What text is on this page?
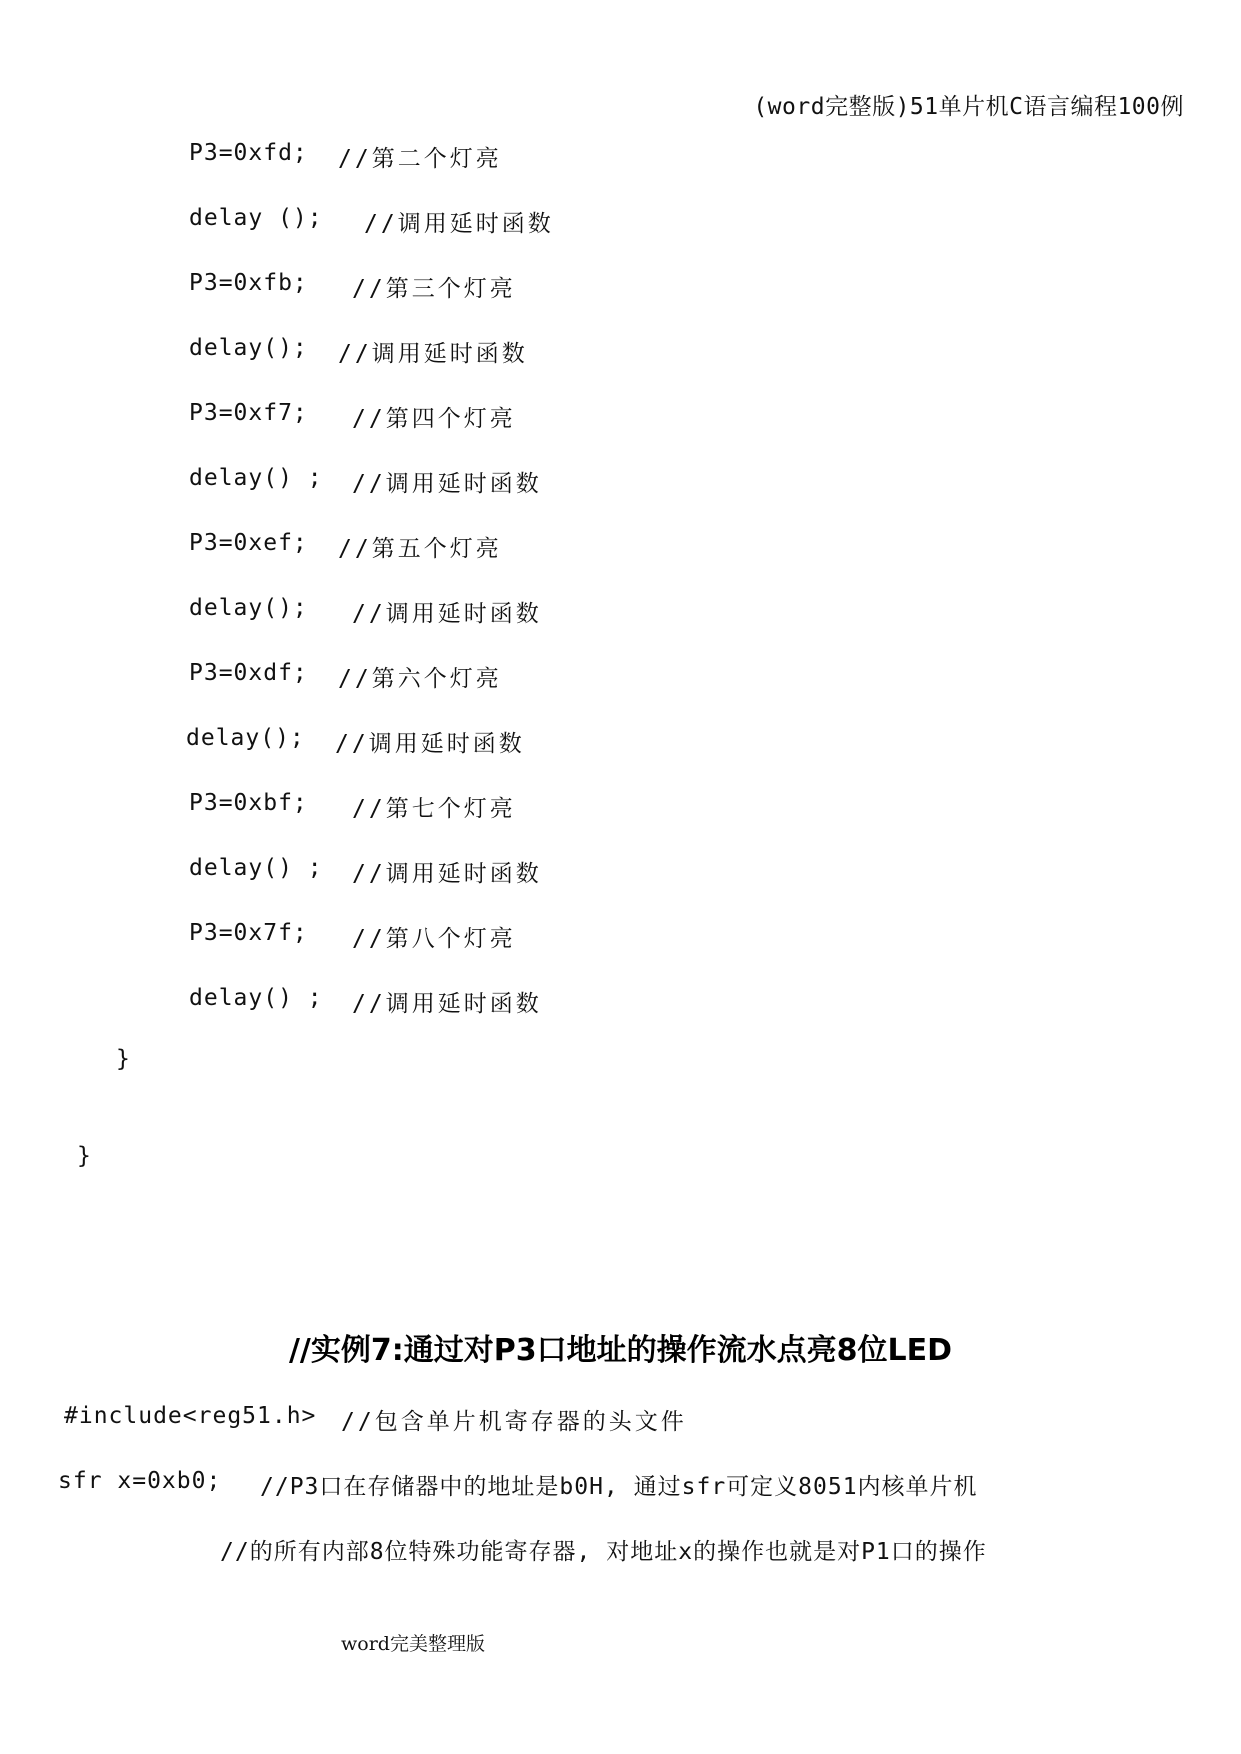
(word完整版)51单片机C语言编程100例
P3=0xfd; //第二个灯亮
delay (); //调用延时函数
P3=0xfb; //第三个灯亮
delay(); //调用延时函数
P3=0xf7; //第四个灯亮
delay() ; //调用延时函数
P3=0xef; //第五个灯亮
delay(); //调用延时函数
P3=0xdf; //第六个灯亮
delay(); //调用延时函数
P3=0xbf; //第七个灯亮
delay() ; //调用延时函数
P3=0x7f; //第八个灯亮
delay() ; //调用延时函数
}
}
//实例7:通过对P3口地址的操作流水点亮8位LED
#include<reg51.h> //包含单片机寄存器的头文件
sfr x=0xb0; //P3口在存储器中的地址是b0H, 通过sfr可定义8051内核单片机
//的所有内部8位特殊功能寄存器, 对地址x的操作也就是对P1口的操作
word完美整理版
